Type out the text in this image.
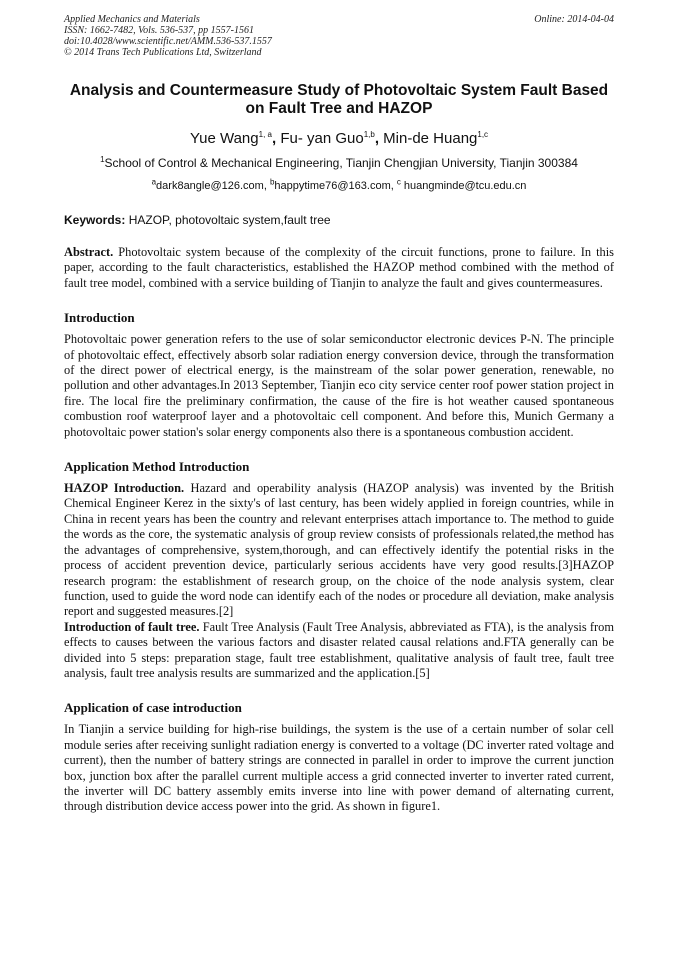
Applied Mechanics and Materials
ISSN: 1662-7482, Vols. 536-537, pp 1557-1561
doi:10.4028/www.scientific.net/AMM.536-537.1557
© 2014 Trans Tech Publications Ltd, Switzerland
Online: 2014-04-04
Analysis and Countermeasure Study of Photovoltaic System Fault Based on Fault Tree and HAZOP
Yue Wang$^{1, a}$, Fu- yan Guo$^{1,b}$, Min-de Huang$^{1,c}$
$^1$School of Control & Mechanical Engineering, Tianjin Chengjian University, Tianjin 300384
$^a$dark8angle@126.com, $^b$happytime76@163.com, $^c$ huangminde@tcu.edu.cn
Keywords: HAZOP, photovoltaic system,fault tree

Abstract. Photovoltaic system because of the complexity of the circuit functions, prone to failure. In this paper, according to the fault characteristics, established the HAZOP method combined with the method of fault tree model, combined with a service building of Tianjin to analyze the fault and gives countermeasures.

Introduction

Photovoltaic power generation refers to the use of solar semiconductor electronic devices P-N. The principle of photovoltaic effect, effectively absorb solar radiation energy conversion device, through the transformation of the direct power of electrical energy, is the mainstream of the solar power generation, renewable, no pollution and other advantages.In 2013 September, Tianjin eco city service center roof power station project in fire. The local fire the preliminary confirmation, the cause of the fire is hot weather caused spontaneous combustion roof waterproof layer and a photovoltaic cell component. And before this, Munich Germany a photovoltaic power station's solar energy components also there is a spontaneous combustion accident.

Application Method Introduction

HAZOP Introduction. Hazard and operability analysis (HAZOP analysis) was invented by the British Chemical Engineer Kerez in the sixty's of last century, has been widely applied in foreign countries, while in China in recent years has been the country and relevant enterprises attach importance to. The method to guide the words as the core, the systematic analysis of group review consists of professionals related,the method has the advantages of comprehensive, system,thorough, and can effectively identify the potential risks in the process of accident prevention device, particularly serious accidents have very good results.[3]HAZOP research program: the establishment of research group, on the choice of the node analysis system, clear function, used to guide the word node can identify each of the nodes or procedure all deviation, make analysis report and suggested measures.[2]

Introduction of fault tree. Fault Tree Analysis (Fault Tree Analysis, abbreviated as FTA), is the analysis from effects to causes between the various factors and disaster related causal relations and.FTA generally can be divided into 5 steps: preparation stage, fault tree establishment, qualitative analysis of fault tree, fault tree analysis, fault tree analysis results are summarized and the application.[5]

Application of case introduction

In Tianjin a service building for high-rise buildings, the system is the use of a certain number of solar cell module series after receiving sunlight radiation energy is converted to a voltage (DC inverter rated voltage and current), then the number of battery strings are connected in parallel in order to improve the current junction box, junction box after the parallel current multiple access a grid connected inverter to inverter rated current, the inverter will DC battery assembly emits inverse into line with power demand of alternating current, through distribution device access power into the grid. As shown in figure1.
